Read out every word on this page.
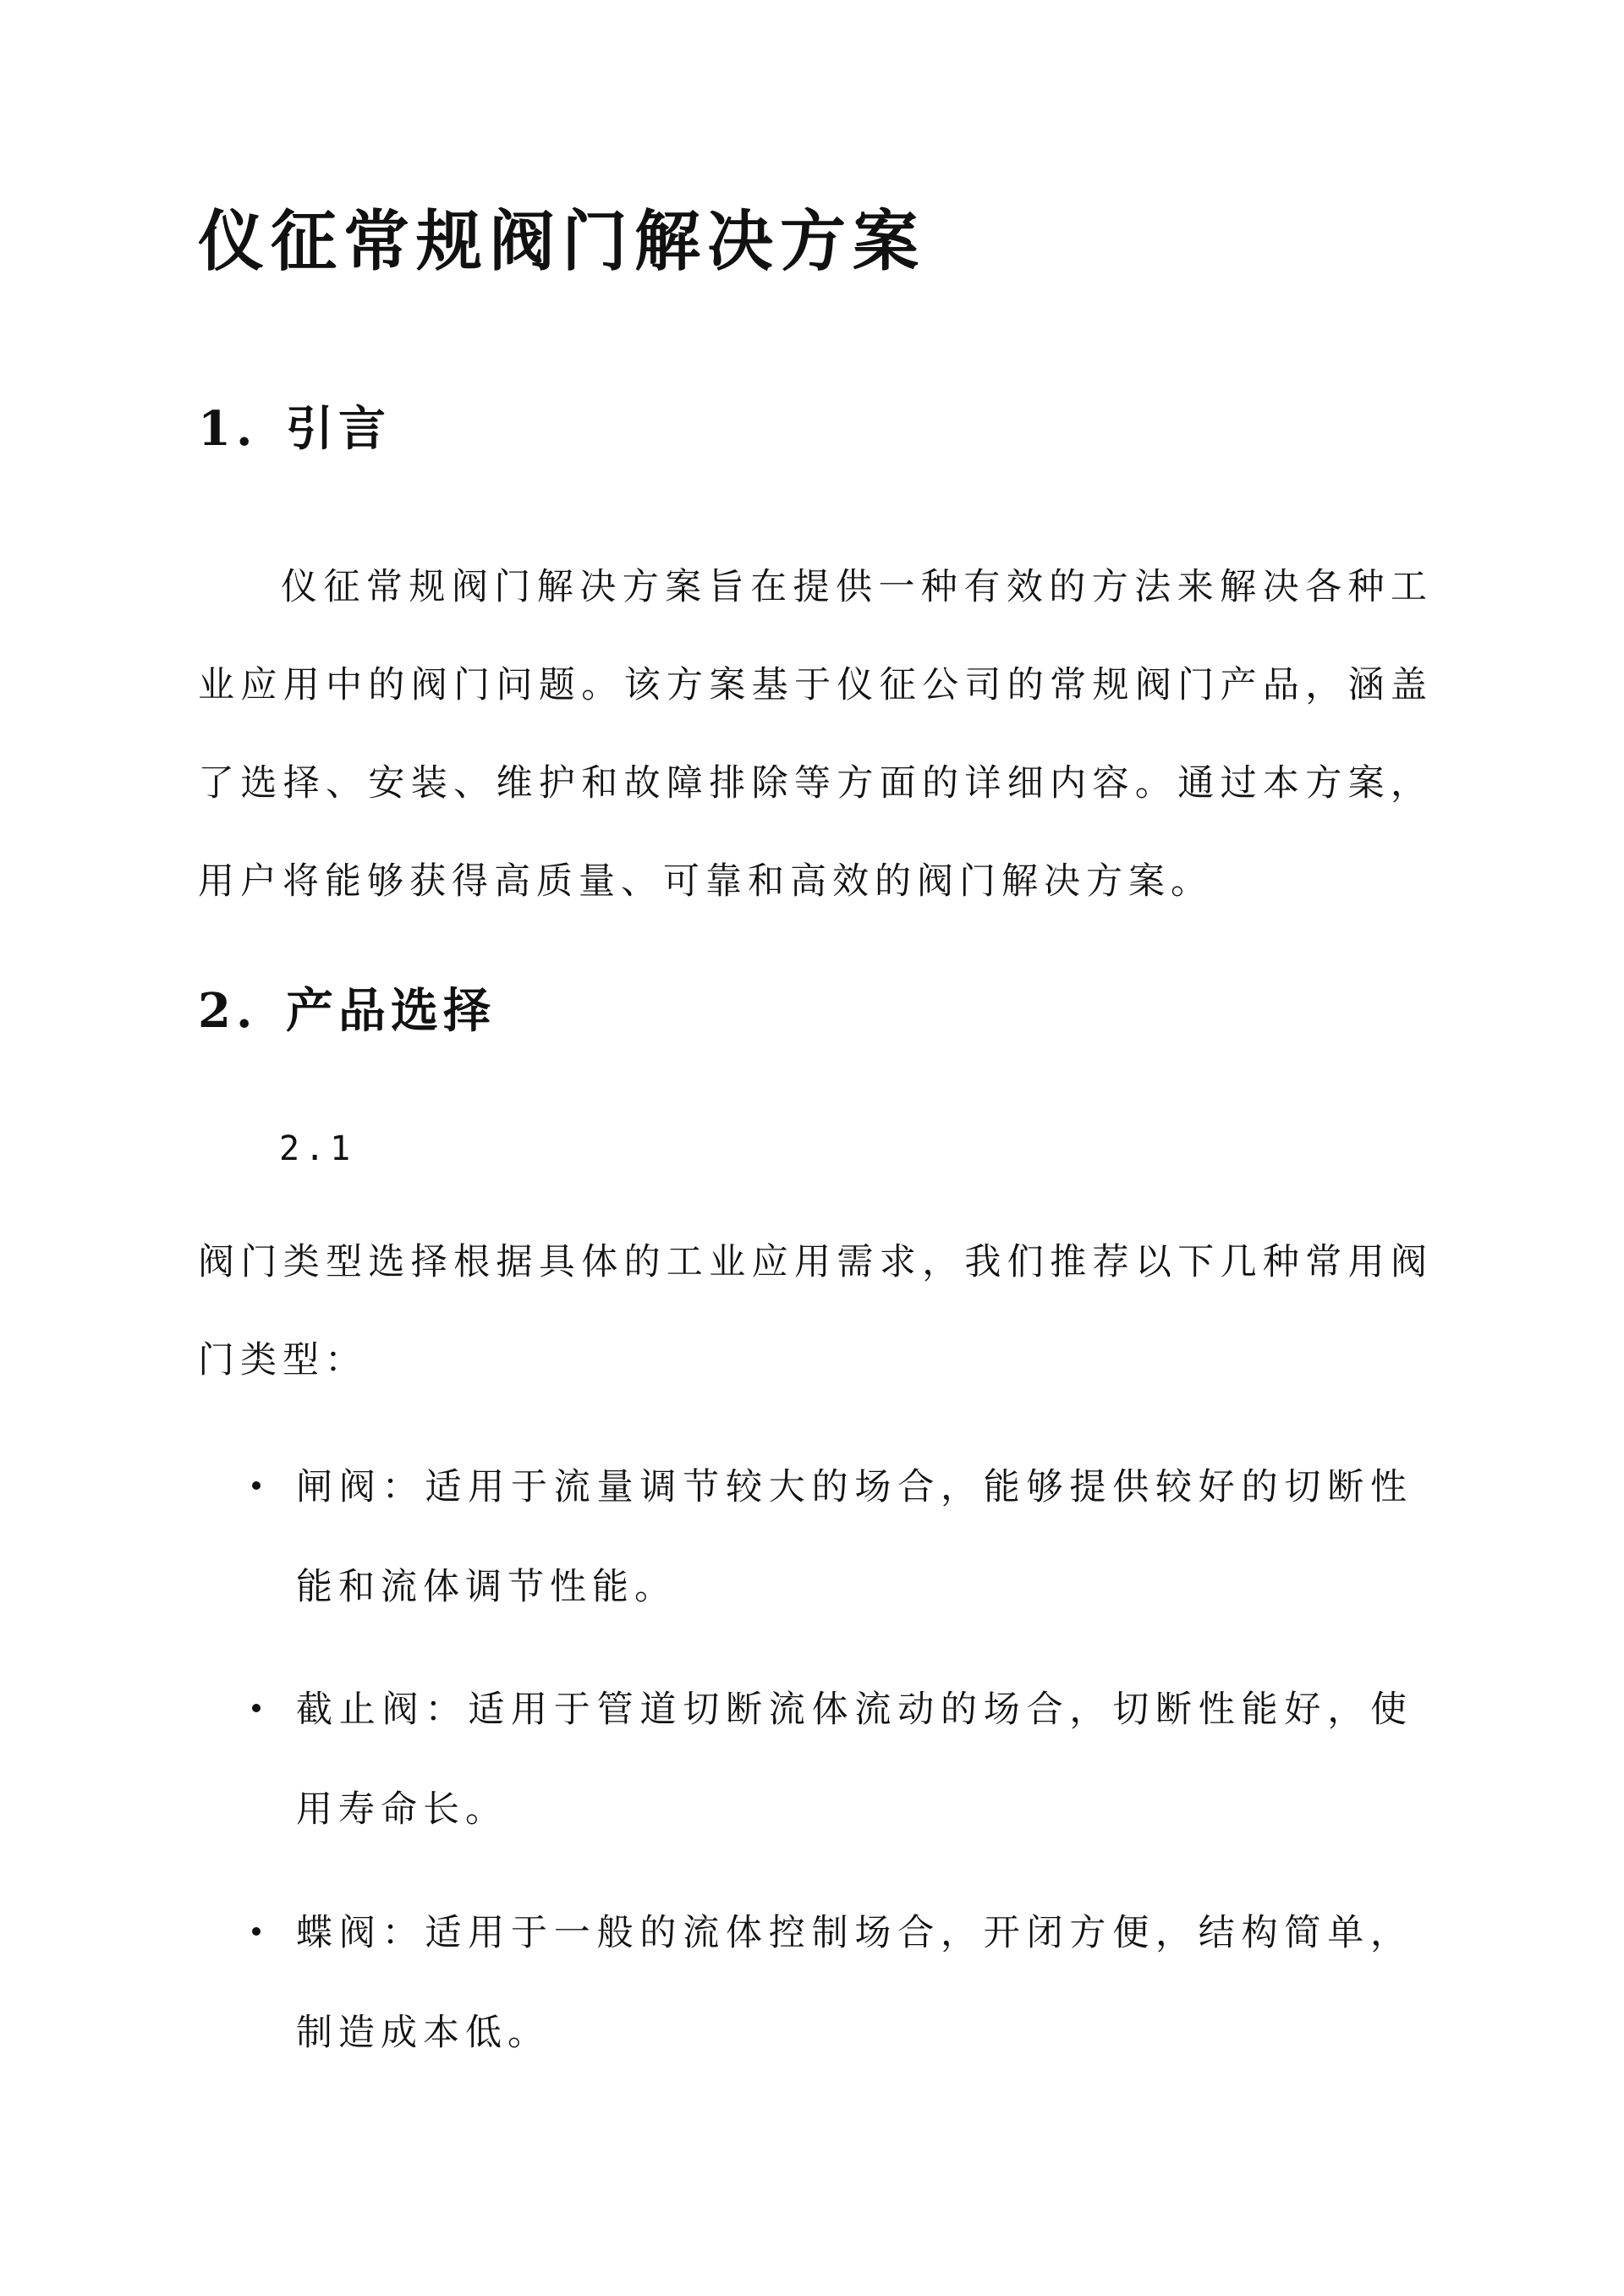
仪征常规阀门解决方案
1. 引言

仪征常规阀门解决方案旨在提供一种有效的方法来解决各种工业应用中的阀门问题。该方案基于仪征公司的常规阀门产品，涵盖了选择、安装、维护和故障排除等方面的详细内容。通过本方案，用户将能够获得高质量、可靠和高效的阀门解决方案。

2. 产品选择

2.1

阀门类型选择根据具体的工业应用需求，我们推荐以下几种常用阀门类型：

闸阀：适用于流量调节较大的场合，能够提供较好的切断性能和流体调节性能。
截止阀：适用于管道切断流体流动的场合，切断性能好，使用寿命长。
蝶阀：适用于一般的流体控制场合，开闭方便，结构简单，制造成本低。
